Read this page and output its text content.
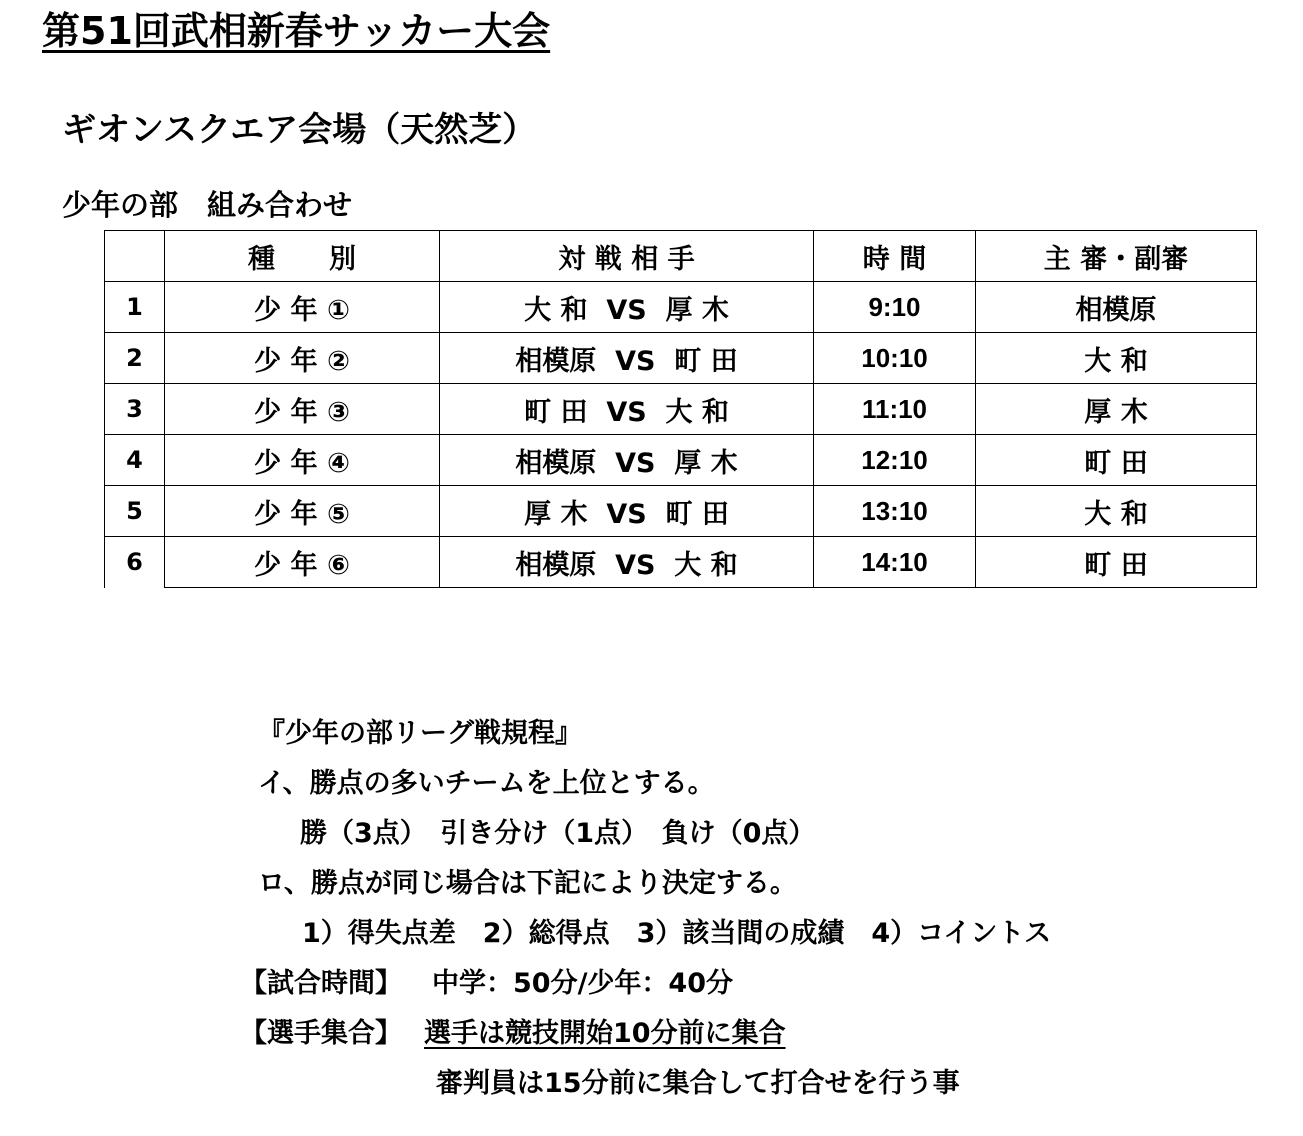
第51回武相新春サッカー大会
ギオンスクエア会場（天然芝）
少年の部　組み合わせ
	種　　別	対 戦 相 手	時 間	主 審・副審
1	少 年 ①	大 和  VS  厚 木	9:10	相模原
2	少 年 ②	相模原  VS  町 田	10:10	大 和
3	少 年 ③	町 田  VS  大 和	11:10	厚 木
4	少 年 ④	相模原  VS  厚 木	12:10	町 田
5	少 年 ⑤	厚 木  VS  町 田	13:10	大 和
6	少 年 ⑥	相模原  VS  大 和	14:10	町 田
『少年の部リーグ戦規程』
イ、勝点の多いチームを上位とする。
勝（3点）　引き分け（1点）　負け（0点）
ロ、勝点が同じ場合は下記により決定する。
1）得失点差　2）総得点　3）該当間の成績　4）コイントス
【試合時間】 中学：50分/少年：40分
【選手集合】 選手は競技開始10分前に集合
審判員は15分前に集合して打合せを行う事
